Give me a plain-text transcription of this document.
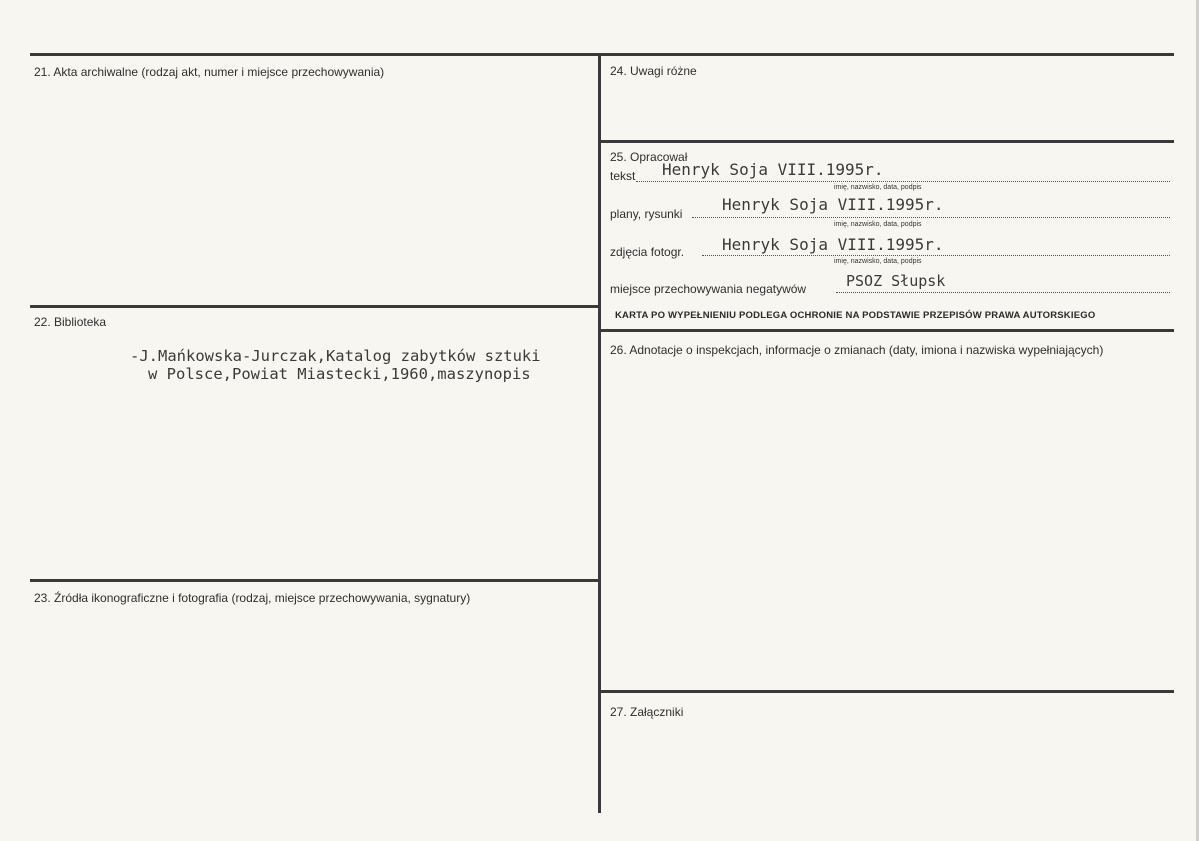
21. Akta archiwalne (rodzaj akt, numer i miejsce przechowywania)
22. Biblioteka
-J.Mańkowska-Jurczak,Katalog zabytków sztuki
w Polsce,Powiat Miastecki,1960,maszynopis
23. Źródła ikonograficzne i fotografia (rodzaj, miejsce przechowywania, sygnatury)
24. Uwagi różne
25. Opracował
tekst Henryk Soja VIII.1995r.
imię, nazwisko, data, podpis
plany, rysunki Henryk Soja VIII.1995r.
imię, nazwisko, data, podpis
zdjęcia fotogr. Henryk Soja VIII.1995r.
imię, nazwisko, data, podpis
miejsce przechowywania negatywów	PSOZ Słupsk
KARTA PO WYPEŁNIENIU PODLEGA OCHRONIE NA PODSTAWIE PRZEPISÓW PRAWA AUTORSKIEGO
26. Adnotacje o inspekcjach, informacje o zmianach (daty, imiona i nazwiska wypełniających)
27. Załączniki
